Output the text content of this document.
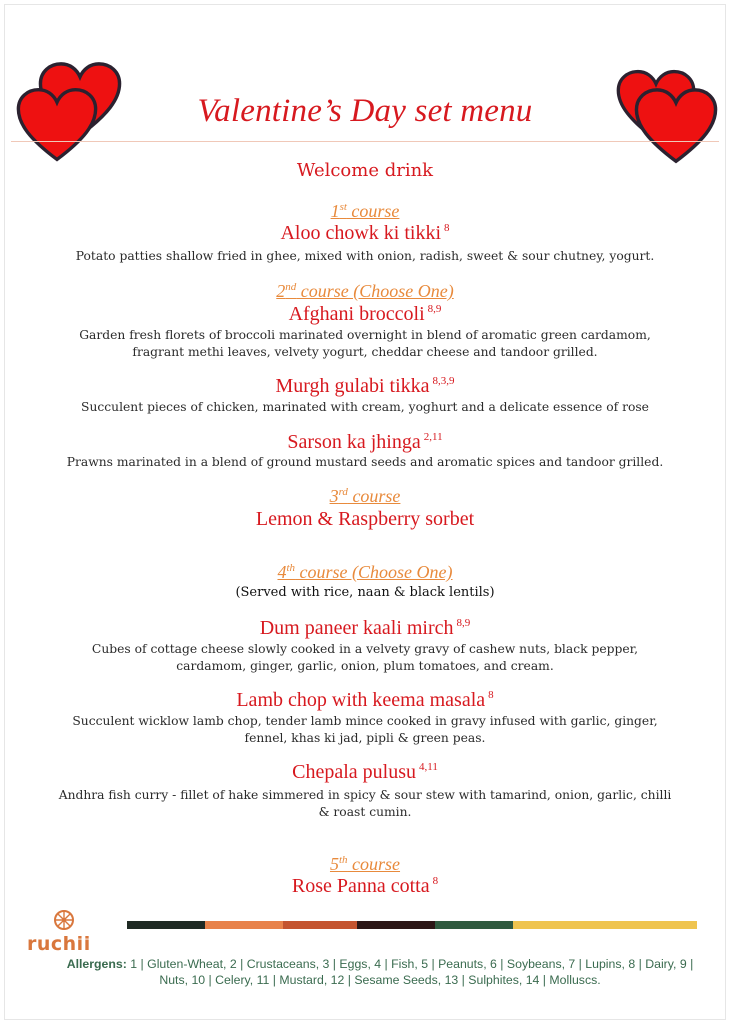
Valentine’s Day set menu
Welcome drink
1st course
Aloo chowk ki tikki $^8$
Potato patties shallow fried in ghee, mixed with onion, radish, sweet & sour chutney, yogurt.
2nd course (Choose One)
Afghani broccoli $^{8,9}$
Garden fresh florets of broccoli marinated overnight in blend of aromatic green cardamom, fragrant methi leaves, velvety yogurt, cheddar cheese and tandoor grilled.
Murgh gulabi tikka $^{8,3,9}$
Succulent pieces of chicken, marinated with cream, yoghurt and a delicate essence of rose
Sarson ka jhinga $^{2,11}$
Prawns marinated in a blend of ground mustard seeds and aromatic spices and tandoor grilled.
3rd course
Lemon & Raspberry sorbet
4th course (Choose One)
(Served with rice, naan & black lentils)
Dum paneer kaali mirch $^{8,9}$
Cubes of cottage cheese slowly cooked in a velvety gravy of cashew nuts, black pepper, cardamom, ginger, garlic, onion, plum tomatoes, and cream.
Lamb chop with keema masala $^8$
Succulent wicklow lamb chop, tender lamb mince cooked in gravy infused with garlic, ginger, fennel, khas ki jad, pipli & green peas.
Chepala pulusu $^{4,11}$
Andhra fish curry - fillet of hake simmered in spicy & sour stew with tamarind, onion, garlic, chilli & roast cumin.
5th course
Rose Panna cotta $^8$
ruchii
Allergens: 1 | Gluten-Wheat, 2 | Crustaceans, 3 | Eggs, 4 | Fish, 5 | Peanuts, 6 | Soybeans, 7 | Lupins, 8 | Dairy, 9 | Nuts, 10 | Celery, 11 | Mustard, 12 | Sesame Seeds, 13 | Sulphites, 14 | Molluscs.
